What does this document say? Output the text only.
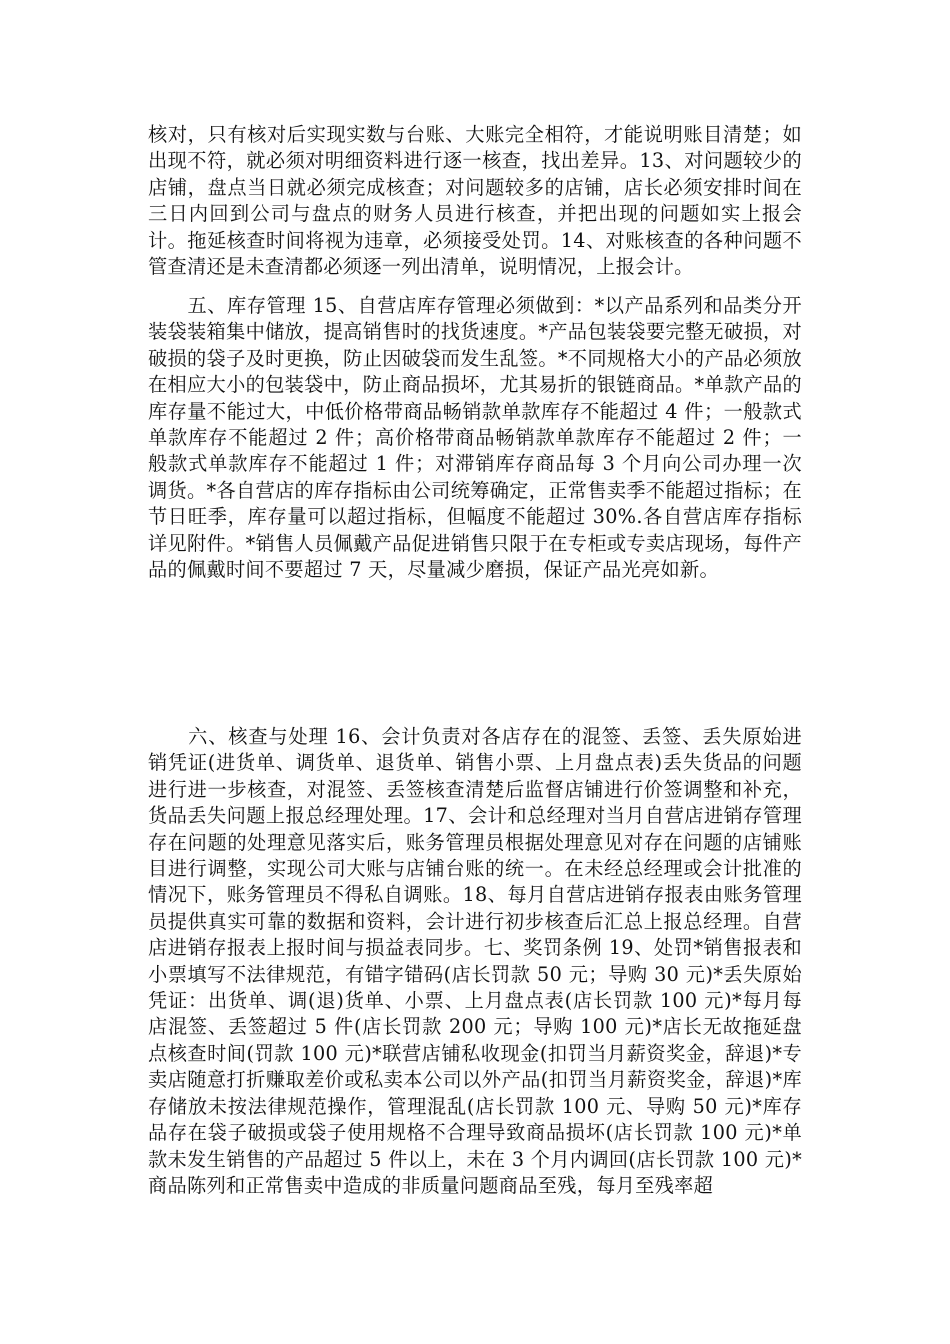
核对，只有核对后实现实数与台账、大账完全相符，才能说明账目清楚；如出现不符，就必须对明细资料进行逐一核查，找出差异。13、对问题较少的店铺，盘点当日就必须完成核查；对问题较多的店铺，店长必须安排时间在三日内回到公司与盘点的财务人员进行核查，并把出现的问题如实上报会计。拖延核查时间将视为违章，必须接受处罚。14、对账核查的各种问题不管查清还是未查清都必须逐一列出清单，说明情况，上报会计。

　　五、库存管理 15、自营店库存管理必须做到：*以产品系列和品类分开装袋装箱集中储放，提高销售时的找货速度。*产品包装袋要完整无破损，对破损的袋子及时更换，防止因破袋而发生乱签。*不同规格大小的产品必须放在相应大小的包装袋中，防止商品损坏，尤其易折的银链商品。*单款产品的库存量不能过大，中低价格带商品畅销款单款库存不能超过 4 件；一般款式单款库存不能超过 2 件；高价格带商品畅销款单款库存不能超过 2 件；一般款式单款库存不能超过 1 件；对滞销库存商品每 3 个月向公司办理一次调货。*各自营店的库存指标由公司统筹确定，正常售卖季不能超过指标；在节日旺季，库存量可以超过指标，但幅度不能超过 30%.各自营店库存指标详见附件。*销售人员佩戴产品促进销售只限于在专柜或专卖店现场，每件产品的佩戴时间不要超过 7 天，尽量减少磨损，保证产品光亮如新。

　　六、核查与处理 16、会计负责对各店存在的混签、丢签、丢失原始进销凭证(进货单、调货单、退货单、销售小票、上月盘点表)丢失货品的问题进行进一步核查，对混签、丢签核查清楚后监督店铺进行价签调整和补充，货品丢失问题上报总经理处理。17、会计和总经理对当月自营店进销存管理存在问题的处理意见落实后，账务管理员根据处理意见对存在问题的店铺账目进行调整，实现公司大账与店铺台账的统一。在未经总经理或会计批准的情况下，账务管理员不得私自调账。18、每月自营店进销存报表由账务管理员提供真实可靠的数据和资料，会计进行初步核查后汇总上报总经理。自营店进销存报表上报时间与损益表同步。七、奖罚条例 19、处罚*销售报表和小票填写不法律规范，有错字错码(店长罚款 50 元；导购 30 元)*丢失原始凭证：出货单、调(退)货单、小票、上月盘点表(店长罚款 100 元)*每月每店混签、丢签超过 5 件(店长罚款 200 元；导购 100 元)*店长无故拖延盘点核查时间(罚款 100 元)*联营店铺私收现金(扣罚当月薪资奖金，辞退)*专卖店随意打折赚取差价或私卖本公司以外产品(扣罚当月薪资奖金，辞退)*库存储放未按法律规范操作，管理混乱(店长罚款 100 元、导购 50 元)*库存品存在袋子破损或袋子使用规格不合理导致商品损坏(店长罚款 100 元)*单款未发生销售的产品超过 5 件以上，未在 3 个月内调回(店长罚款 100 元)*商品陈列和正常售卖中造成的非质量问题商品至残，每月至残率超
